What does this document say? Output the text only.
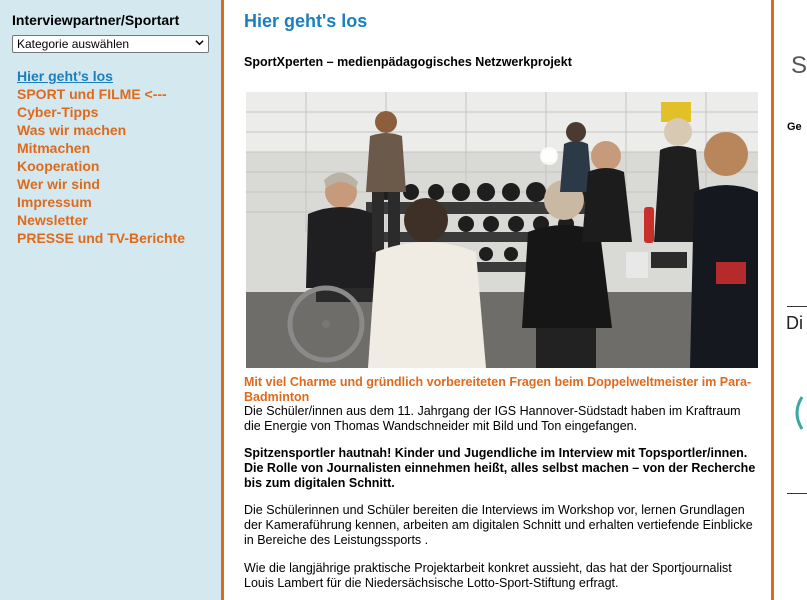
Interviewpartner/Sportart
Kategorie auswählen
Hier geht’s los
SPORT und FILME <---
Cyber-Tipps
Was wir machen
Mitmachen
Kooperation
Wer wir sind
Impressum
Newsletter
PRESSE und TV-Berichte
Hier geht's los
SportXperten – medienpädagogisches Netzwerkprojekt
Mit viel Charme und gründlich vorbereiteten Fragen beim Doppelweltmeister im Para-Badminton

Die Schüler/innen aus dem 11. Jahrgang der IGS Hannover-Südstadt haben im Kraftraum die Energie von Thomas Wandschneider mit Bild und Ton eingefangen.

Spitzensportler hautnah! Kinder und Jugendliche im Interview mit Topsportler/innen. Die Rolle von Journalisten einnehmen heißt, alles selbst machen – von der Recherche bis zum digitalen Schnitt.

Die Schülerinnen und Schüler bereiten die Interviews im Workshop vor, lernen Grundlagen der Kameraführung kennen, arbeiten am digitalen Schnitt und erhalten vertiefende Einblicke in Bereiche des Leistungssports .

Wie die langjährige praktische Projektarbeit konkret aussieht, das hat der Sportjournalist Louis Lambert für die Niedersächsische Lotto-Sport-Stiftung erfragt.

S
Ge
Di
